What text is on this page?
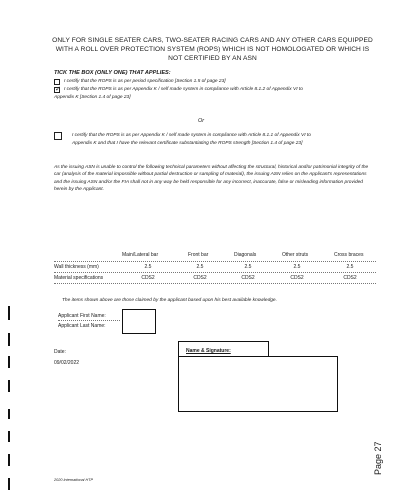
ONLY FOR SINGLE SEATER CARS, TWO-SEATER RACING CARS AND ANY OTHER CARS EQUIPPED
WITH A ROLL OVER PROTECTION SYSTEM (ROPS) WHICH IS NOT HOMOLOGATED OR WHICH IS
NOT CERTIFIED BY AN ASN
TICK THE BOX (ONLY ONE) THAT APPLIES:
I certify that the ROPS is as per period specification [Section 1.5 of page 23]
✓ I certify that the ROPS is as per Appendix K / self made system in compliance with Article 8.1.2 of Appendix VI to
Appendix K [Section 1.4 of page 23]
Or
I certify that the ROPS is as per Appendix K / self made system in compliance with Article 8.1.1 of Appendix VI to
Appendix K and that I have the relevant certificate substantiating the ROPS strength [Section 1.4 of page 23]
As the issuing ASN is unable to control the following technical parameters without affecting the structural, historical and/or patrimonial integrity of the car (analysis of the material impossible without partial destruction or sampling of material), the issuing ASN relies on the Applicant's representations and the issuing ASN and/or the FIA shall not in any way be held responsible for any incorrect, inaccurate, false or misleading information provided herein by the Applicant.
Main/Lateral bar	Front bar	Diagonals	Other struts	Cross braces
Wall thickness (mm)	2.5	2.5	2.5	2.5	2.5
Material specifications	CDS2	CDS2	CDS2	CDS2	CDS2
The items shown above are those claimed by the applicant based upon his best available knowledge.
Applicant First Name:
Applicant Last Name:
Date:
09/02/2022
Name & Signature:
2020 International HTP
Page 27
